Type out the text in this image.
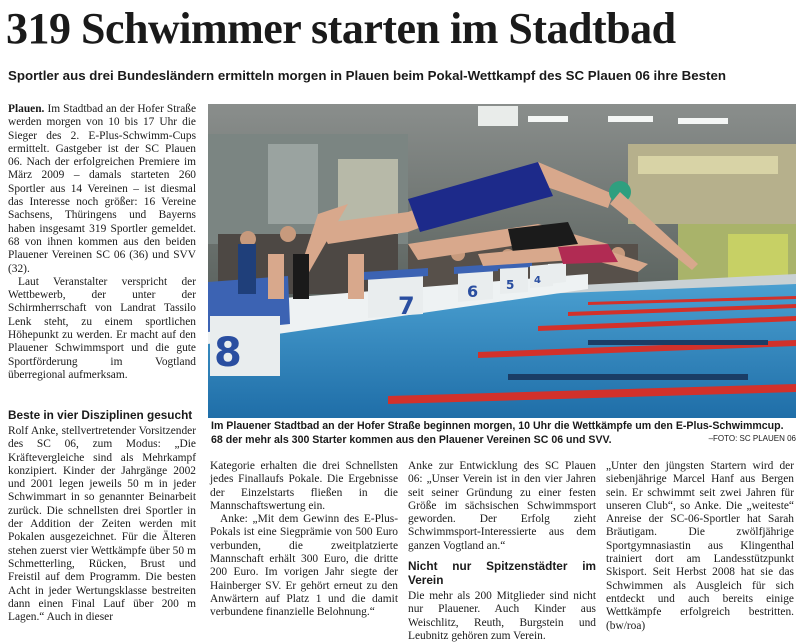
319 Schwimmer starten im Stadtbad
Sportler aus drei Bundesländern ermitteln morgen in Plauen beim Pokal-Wettkampf des SC Plauen 06 ihre Besten

Plauen. Im Stadtbad an der Hofer Straße werden morgen von 10 bis 17 Uhr die Sieger des 2. E-Plus-Schwimm-Cups ermittelt. Gastgeber ist der SC Plauen 06. Nach der erfolgreichen Premiere im März 2009 – damals starteten 260 Sportler aus 14 Vereinen – ist diesmal das Interesse noch größer: 16 Vereine Sachsens, Thüringens und Bayerns haben insgesamt 319 Sportler gemeldet. 68 von ihnen kommen aus den beiden Plauener Vereinen SC 06 (36) und SVV (32).

Laut Veranstalter verspricht der Wettbewerb, der unter der Schirmherrschaft von Landrat Tassilo Lenk steht, zu einem sportlichen Höhepunkt zu werden. Er macht auf den Plauener Schwimmsport und die gute Sportförderung im Vogtland überregional aufmerksam.

Beste in vier Disziplinen gesucht

Rolf Anke, stellvertretender Vorsitzender des SC 06, zum Modus: „Die Kräftevergleiche sind als Mehrkampf konzipiert. Kinder der Jahrgänge 2002 und 2001 legen jeweils 50 m in jeder Schwimmart in so genannter Beinarbeit zurück. Die schnellsten drei Sportler in der Addition der Zeiten werden mit Pokalen ausgezeichnet. Für die Älteren stehen zuerst vier Wettkämpfe über 50 m Schmetterling, Rücken, Brust und Freistil auf dem Programm. Die besten Acht in jeder Wertungsklasse bestreiten dann einen Final Lauf über 200 m Lagen.“ Auch in dieser

8
7
6 5 4
Im Plauener Stadtbad an der Hofer Straße beginnen morgen, 10 Uhr die Wettkämpfe um den E-Plus-Schwimmcup. 68 der mehr als 300 Starter kommen aus den Plauener Vereinen SC 06 und SVV.	–FOTO: SC PLAUEN 06

Kategorie erhalten die drei Schnellsten jedes Finallaufs Pokale. Die Ergebnisse der Einzelstarts fließen in die Mannschaftswertung ein.

Anke: „Mit dem Gewinn des E-Plus-Pokals ist eine Siegprämie von 500 Euro verbunden, die zweitplatzierte Mannschaft erhält 300 Euro, die dritte 200 Euro. Im vorigen Jahr siegte der Hainberger SV. Er gehört erneut zu den Anwärtern auf Platz 1 und die damit verbundene finanzielle Belohnung.“

Anke zur Entwicklung des SC Plauen 06: „Unser Verein ist in den vier Jahren seit seiner Gründung zu einer festen Größe im sächsischen Schwimmsport geworden. Der Erfolg zieht Schwimmsport-Interessierte aus dem ganzen Vogtland an.“

Nicht nur Spitzenstädter im Verein

Die mehr als 200 Mitglieder sind nicht nur Plauener. Auch Kinder aus Weischlitz, Reuth, Burgstein und Leubnitz gehören zum Verein.

„Unter den jüngsten Startern wird der siebenjährige Marcel Hanf aus Bergen sein. Er schwimmt seit zwei Jahren für unseren Club“, so Anke. Die „weiteste“ Anreise der SC-06-Sportler hat Sarah Bräutigam. Die zwölfjährige Sportgymnasiastin aus Klingenthal trainiert dort am Landesstützpunkt Skisport. Seit Herbst 2008 hat sie das Schwimmen als Ausgleich für sich entdeckt und auch bereits einige Wettkämpfe erfolgreich bestritten. (bw/roa)
